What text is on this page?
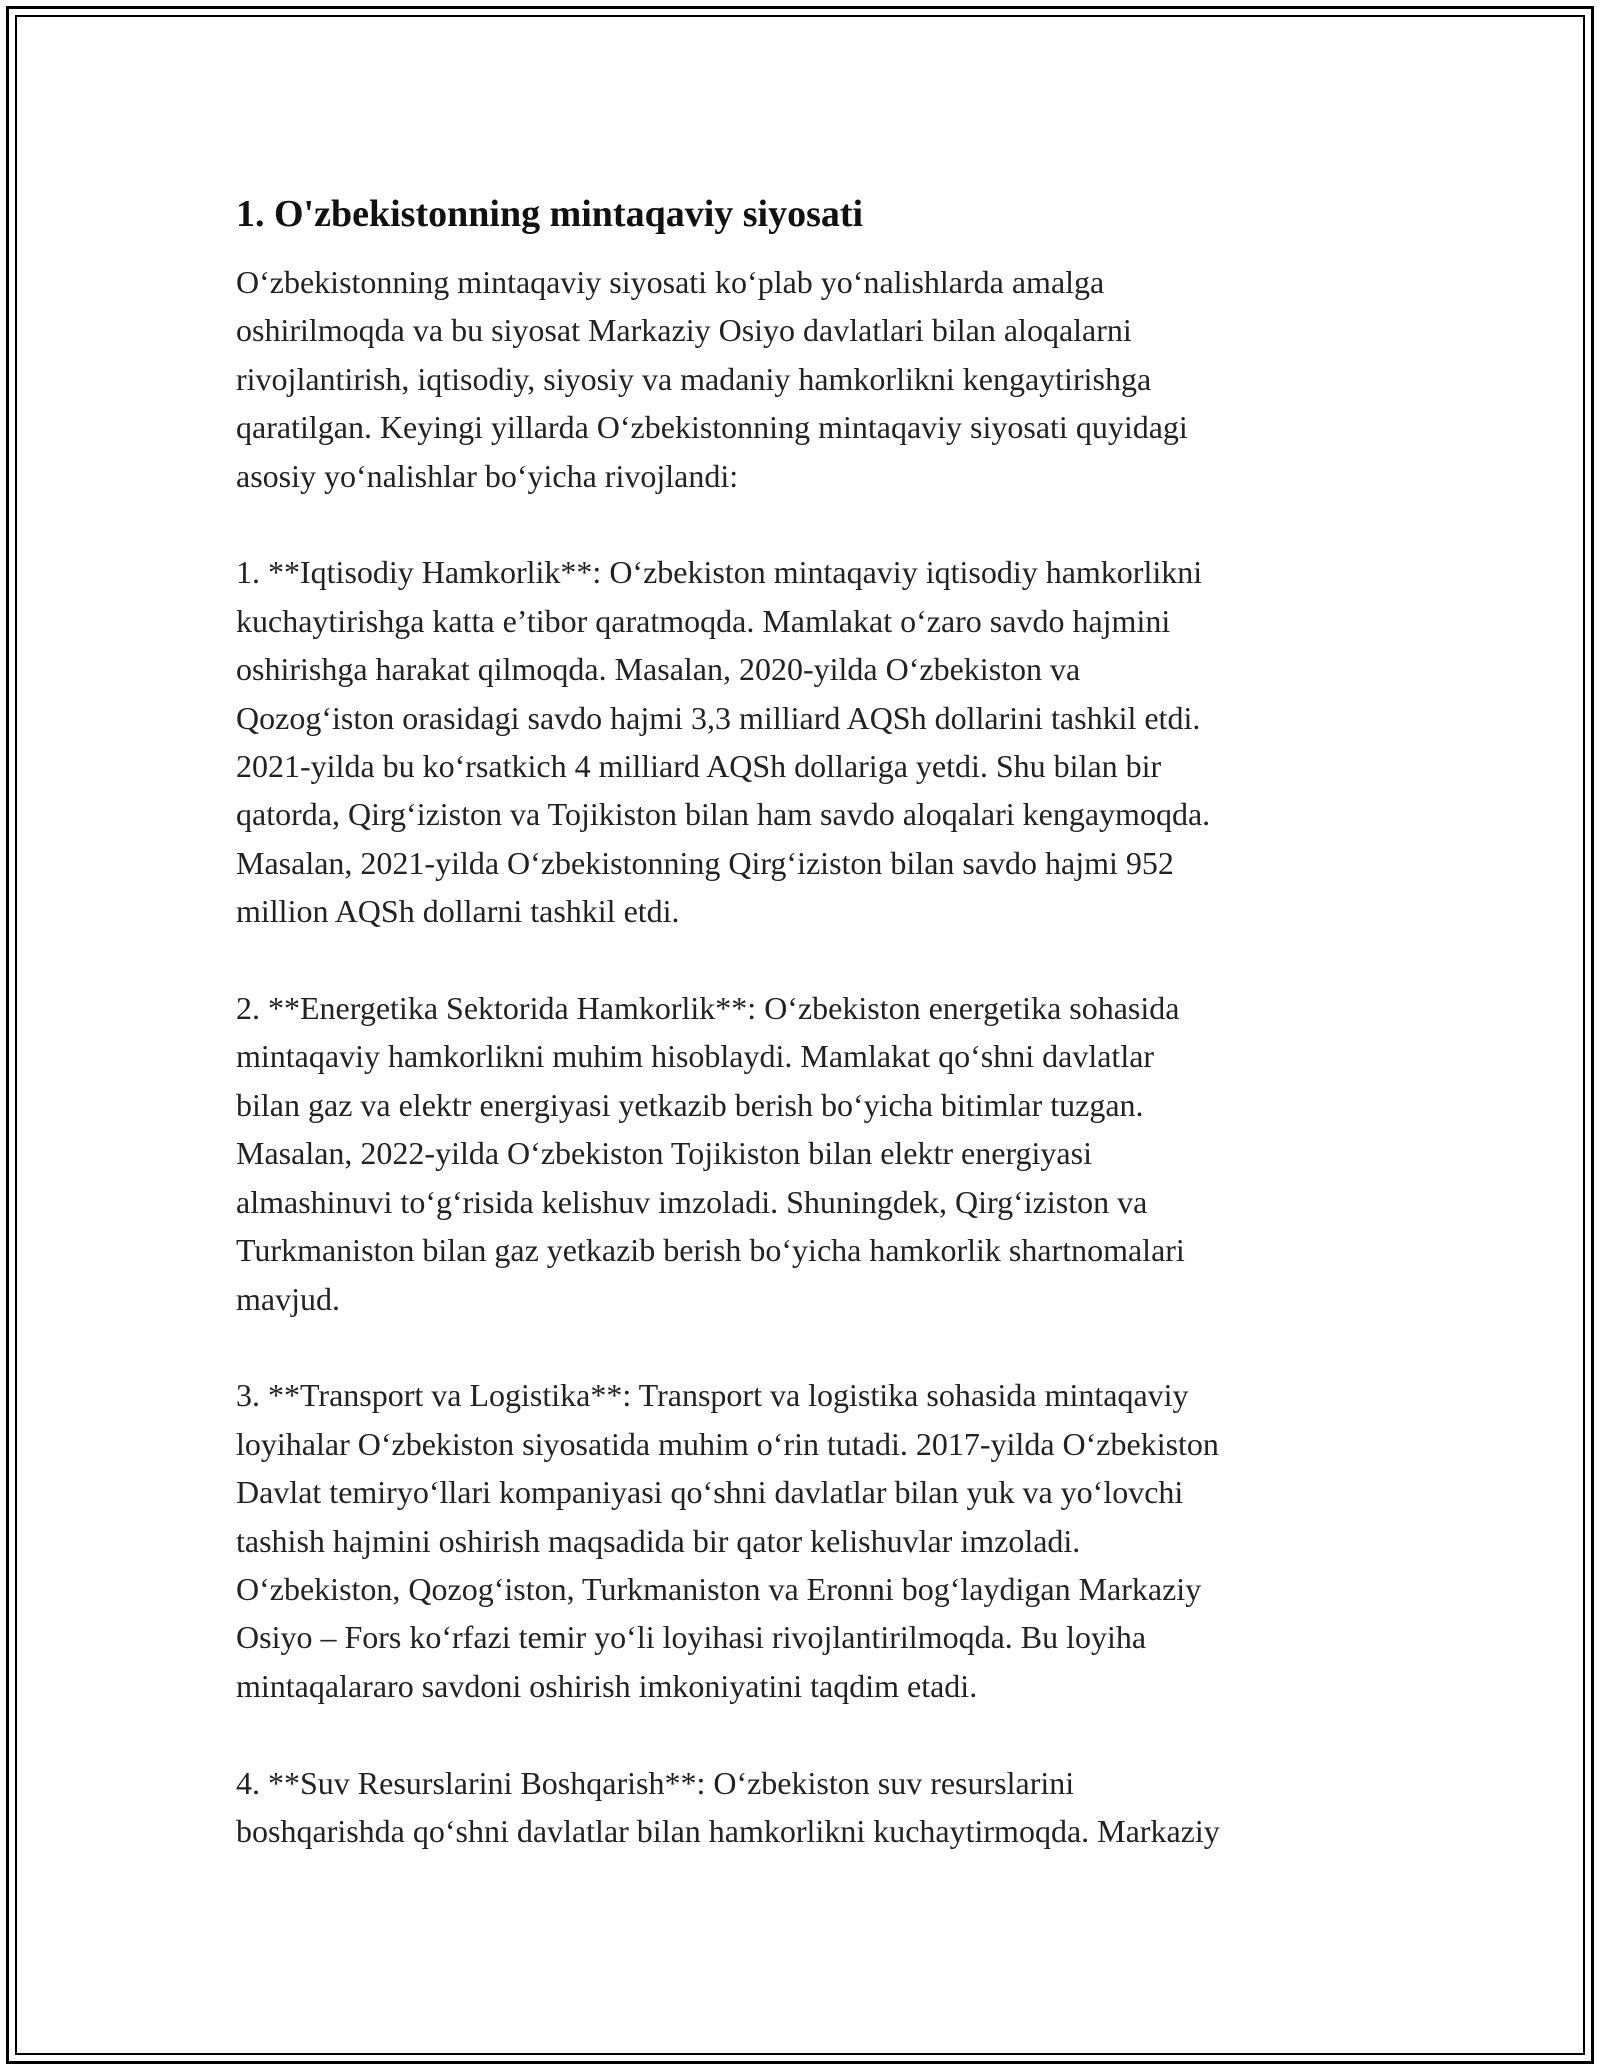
1. O'zbekistonning mintaqaviy siyosati
O‘zbekistonning mintaqaviy siyosati ko‘plab yo‘nalishlarda amalga
oshirilmoqda va bu siyosat Markaziy Osiyo davlatlari bilan aloqalarni
rivojlantirish, iqtisodiy, siyosiy va madaniy hamkorlikni kengaytirishga
qaratilgan. Keyingi yillarda O‘zbekistonning mintaqaviy siyosati quyidagi
asosiy yo‘nalishlar bo‘yicha rivojlandi:
1. **Iqtisodiy Hamkorlik**: O‘zbekiston mintaqaviy iqtisodiy hamkorlikni
kuchaytirishga katta e’tibor qaratmoqda. Mamlakat o‘zaro savdo hajmini
oshirishga harakat qilmoqda. Masalan, 2020-yilda O‘zbekiston va
Qozog‘iston orasidagi savdo hajmi 3,3 milliard AQSh dollarini tashkil etdi.
2021-yilda bu ko‘rsatkich 4 milliard AQSh dollariga yetdi. Shu bilan bir
qatorda, Qirg‘iziston va Tojikiston bilan ham savdo aloqalari kengaymoqda.
Masalan, 2021-yilda O‘zbekistonning Qirg‘iziston bilan savdo hajmi 952
million AQSh dollarni tashkil etdi.
2. **Energetika Sektorida Hamkorlik**: O‘zbekiston energetika sohasida
mintaqaviy hamkorlikni muhim hisoblaydi. Mamlakat qo‘shni davlatlar
bilan gaz va elektr energiyasi yetkazib berish bo‘yicha bitimlar tuzgan.
Masalan, 2022-yilda O‘zbekiston Tojikiston bilan elektr energiyasi
almashinuvi to‘g‘risida kelishuv imzoladi. Shuningdek, Qirg‘iziston va
Turkmaniston bilan gaz yetkazib berish bo‘yicha hamkorlik shartnomalari
mavjud.
3. **Transport va Logistika**: Transport va logistika sohasida mintaqaviy
loyihalar O‘zbekiston siyosatida muhim o‘rin tutadi. 2017-yilda O‘zbekiston
Davlat temiryo‘llari kompaniyasi qo‘shni davlatlar bilan yuk va yo‘lovchi
tashish hajmini oshirish maqsadida bir qator kelishuvlar imzoladi.
O‘zbekiston, Qozog‘iston, Turkmaniston va Eronni bog‘laydigan Markaziy
Osiyo – Fors ko‘rfazi temir yo‘li loyihasi rivojlantirilmoqda. Bu loyiha
mintaqalararo savdoni oshirish imkoniyatini taqdim etadi.
4. **Suv Resurslarini Boshqarish**: O‘zbekiston suv resurslarini
boshqarishda qo‘shni davlatlar bilan hamkorlikni kuchaytirmoqda. Markaziy
